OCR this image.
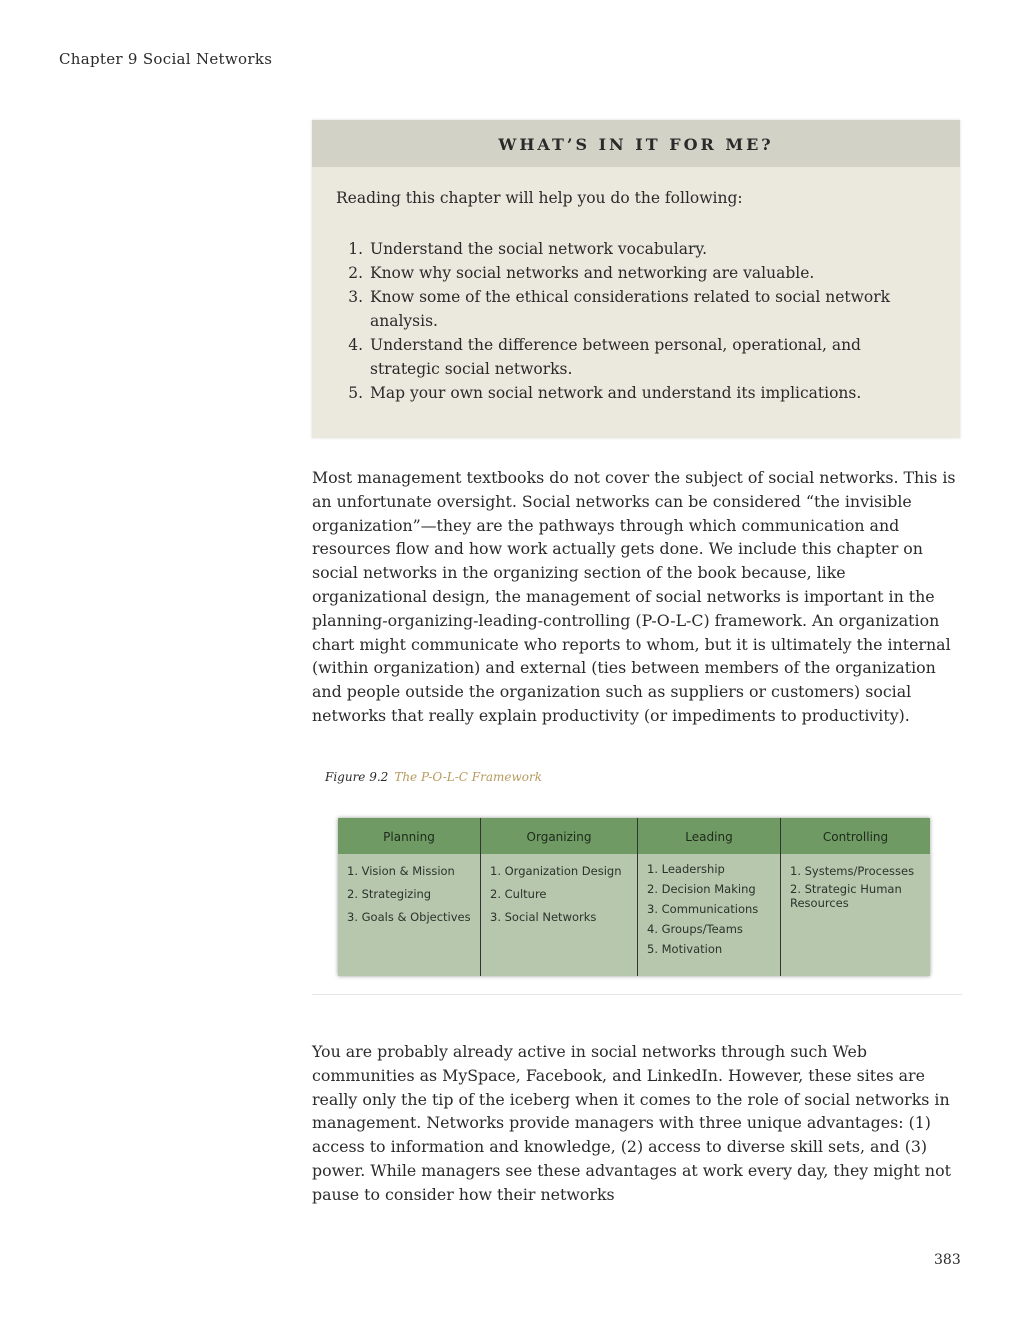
Chapter 9 Social Networks
WHAT’S IN IT FOR ME?
Reading this chapter will help you do the following:
1. Understand the social network vocabulary.
2. Know why social networks and networking are valuable.
3. Know some of the ethical considerations related to social network analysis.
4. Understand the difference between personal, operational, and strategic social networks.
5. Map your own social network and understand its implications.
Most management textbooks do not cover the subject of social networks. This is an unfortunate oversight. Social networks can be considered “the invisible organization”—they are the pathways through which communication and resources flow and how work actually gets done. We include this chapter on social networks in the organizing section of the book because, like organizational design, the management of social networks is important in the planning-organizing-leading-controlling (P-O-L-C) framework. An organization chart might communicate who reports to whom, but it is ultimately the internal (within organization) and external (ties between members of the organization and people outside the organization such as suppliers or customers) social networks that really explain productivity (or impediments to productivity).
Figure 9.2 The P-O-L-C Framework
Planning
1. Vision & Mission
2. Strategizing
3. Goals & Objectives
Organizing
1. Organization Design
2. Culture
3. Social Networks
Leading
1. Leadership
2. Decision Making
3. Communications
4. Groups/Teams
5. Motivation
Controlling
1. Systems/Processes
2. Strategic Human Resources
You are probably already active in social networks through such Web communities as MySpace, Facebook, and LinkedIn. However, these sites are really only the tip of the iceberg when it comes to the role of social networks in management. Networks provide managers with three unique advantages: (1) access to information and knowledge, (2) access to diverse skill sets, and (3) power. While managers see these advantages at work every day, they might not pause to consider how their networks
383
